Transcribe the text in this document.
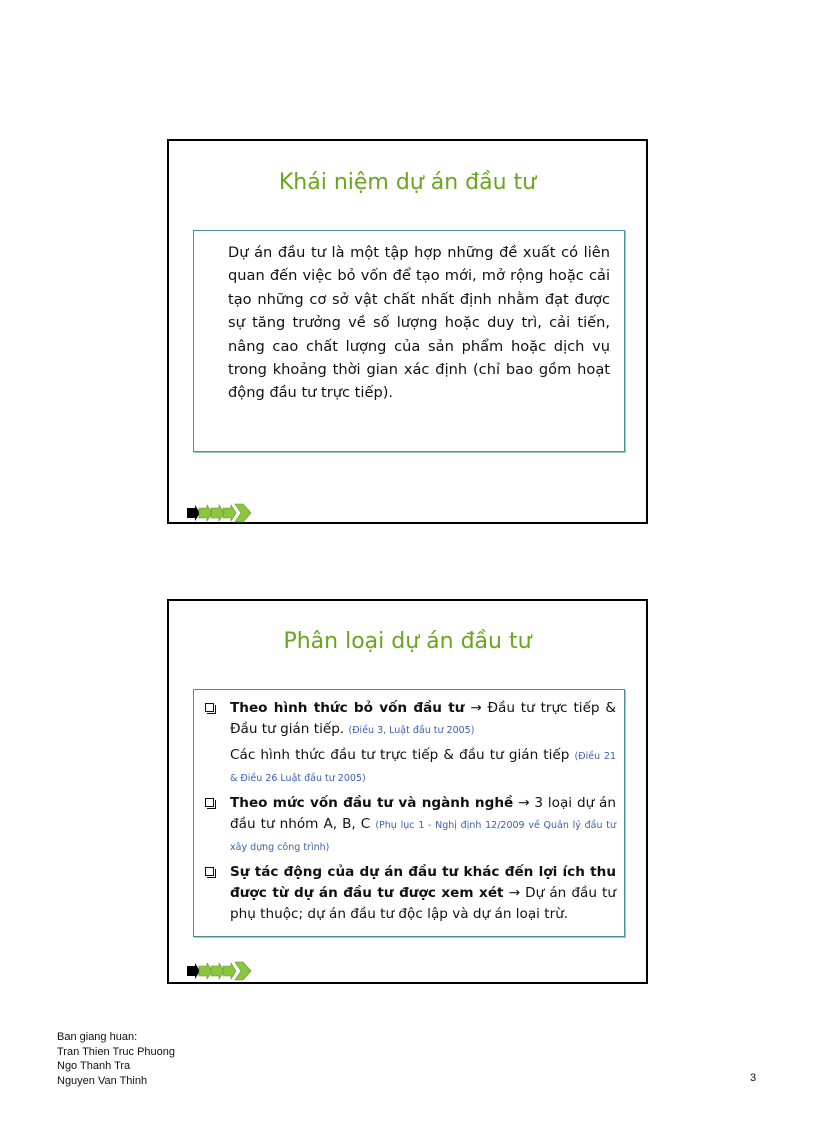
Khái niệm dự án đầu tư

Dự án đầu tư là một tập hợp những đề xuất có liên quan đến việc bỏ vốn để tạo mới, mở rộng hoặc cải tạo những cơ sở vật chất nhất định nhằm đạt được sự tăng trưởng về số lượng hoặc duy trì, cải tiến, nâng cao chất lượng của sản phẩm hoặc dịch vụ trong khoảng thời gian xác định (chỉ bao gồm hoạt động đầu tư trực tiếp).

Phân loại dự án đầu tư
Theo hình thức bỏ vốn đầu tư → Đầu tư trực tiếp & Đầu tư gián tiếp. (Điều 3, Luật đầu tư 2005)
Các hình thức đầu tư trực tiếp & đầu tư gián tiếp (Điều 21 & Điều 26 Luật đầu tư 2005)
Theo mức vốn đầu tư và ngành nghề → 3 loại dự án đầu tư nhóm A, B, C (Phụ lục 1 - Nghị định 12/2009 về Quản lý đầu tư xây dựng công trình)
Sự tác động của dự án đầu tư khác đến lợi ích thu được từ dự án đầu tư được xem xét → Dự án đầu tư phụ thuộc; dự án đầu tư độc lập và dự án loại trừ.
Ban giang huan:
Tran Thien Truc Phuong
Ngo Thanh Tra
Nguyen Van Thinh	3
